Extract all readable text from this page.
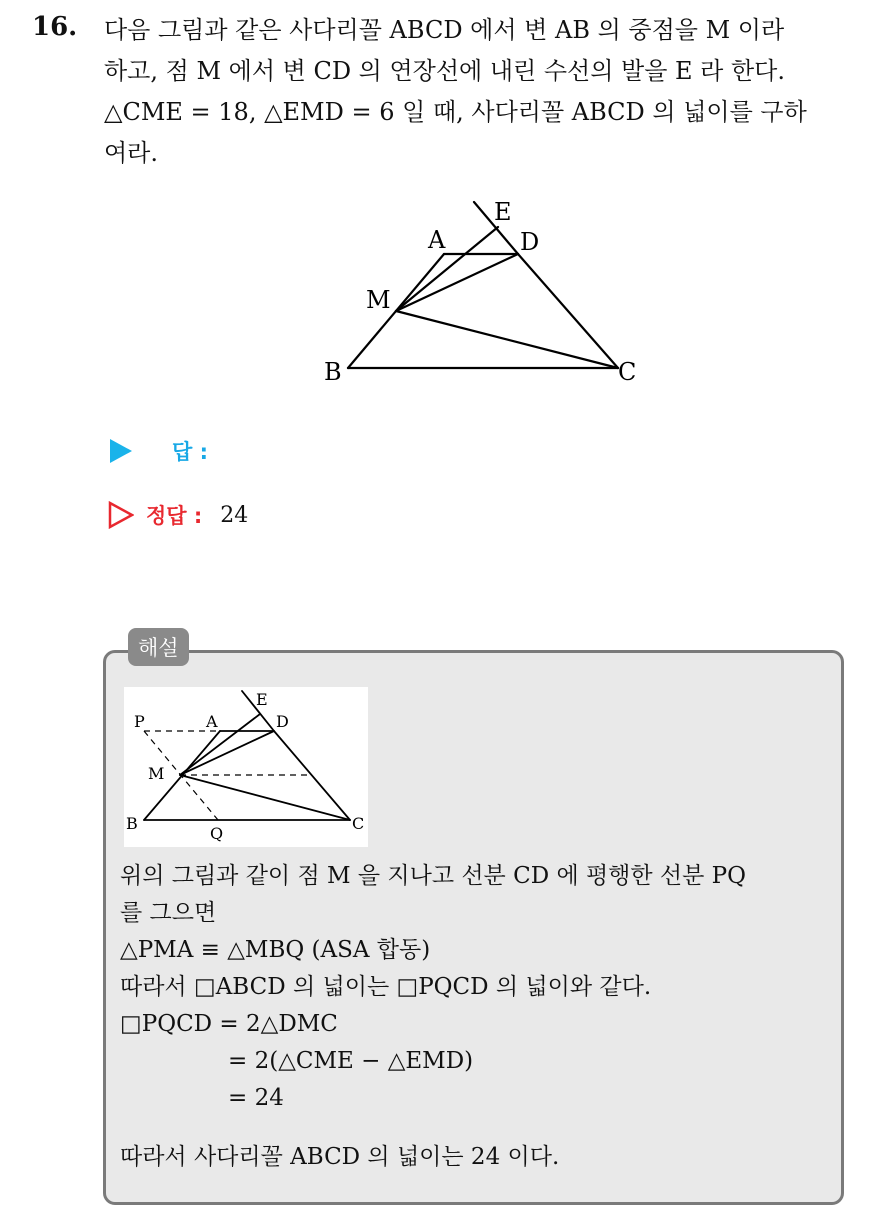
16. 다음 그림과 같은 사다리꼴 ABCD 에서 변 AB 의 중점을 M 이라
하고, 점 M 에서 변 CD 의 연장선에 내린 수선의 발을 E 라 한다.
△CME = 18, △EMD = 6 일 때, 사다리꼴 ABCD 의 넓이를 구하
여라.
E
A	D
M
B	C
답 :
정답 : 24
해설
P	A
E
D
M
B
Q
C
위의 그림과 같이 점 M 을 지나고 선분 CD 에 평행한 선분 PQ
를 그으면
△PMA ≡ △MBQ (ASA 합동)
따라서 □ABCD 의 넓이는 □PQCD 의 넓이와 같다.
□PQCD = 2△DMC
= 2(△CME − △EMD)
= 24
따라서 사다리꼴 ABCD 의 넓이는 24 이다.
